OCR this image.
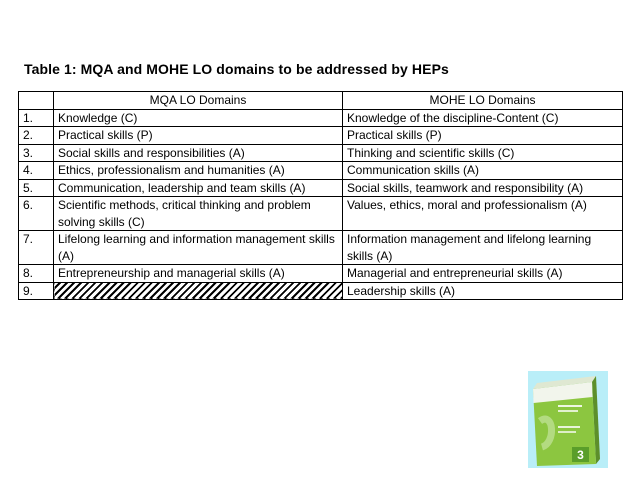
Table 1: MQA and MOHE LO domains to be addressed by HEPs
	MQA LO Domains	MOHE LO Domains
1.	Knowledge (C)	Knowledge of the discipline-Content (C)
2.	Practical skills (P)	Practical skills (P)
3.	Social skills and responsibilities (A)	Thinking and scientific skills (C)
4.	Ethics, professionalism and humanities (A)	Communication skills (A)
5.	Communication, leadership and team skills (A)	Social skills, teamwork and responsibility (A)
6.	Scientific methods, critical thinking and problem solving skills (C)	Values, ethics, moral and professionalism (A)
7.	Lifelong learning and information management skills (A)	Information management and lifelong learning skills (A)
8.	Entrepreneurship and managerial skills (A)	Managerial and entrepreneurial skills (A)
9.		Leadership skills (A)
3
